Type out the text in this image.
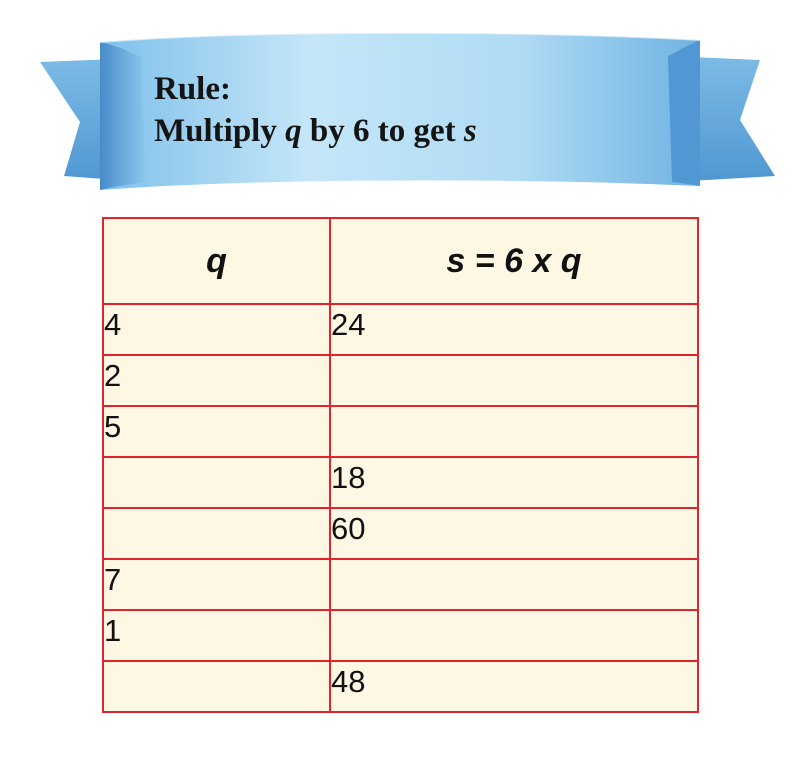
Rule:
Multiply q by 6 to get s
q	s = 6 x q
4	24
2	
5	
	18
	60
7	
1	
	48
